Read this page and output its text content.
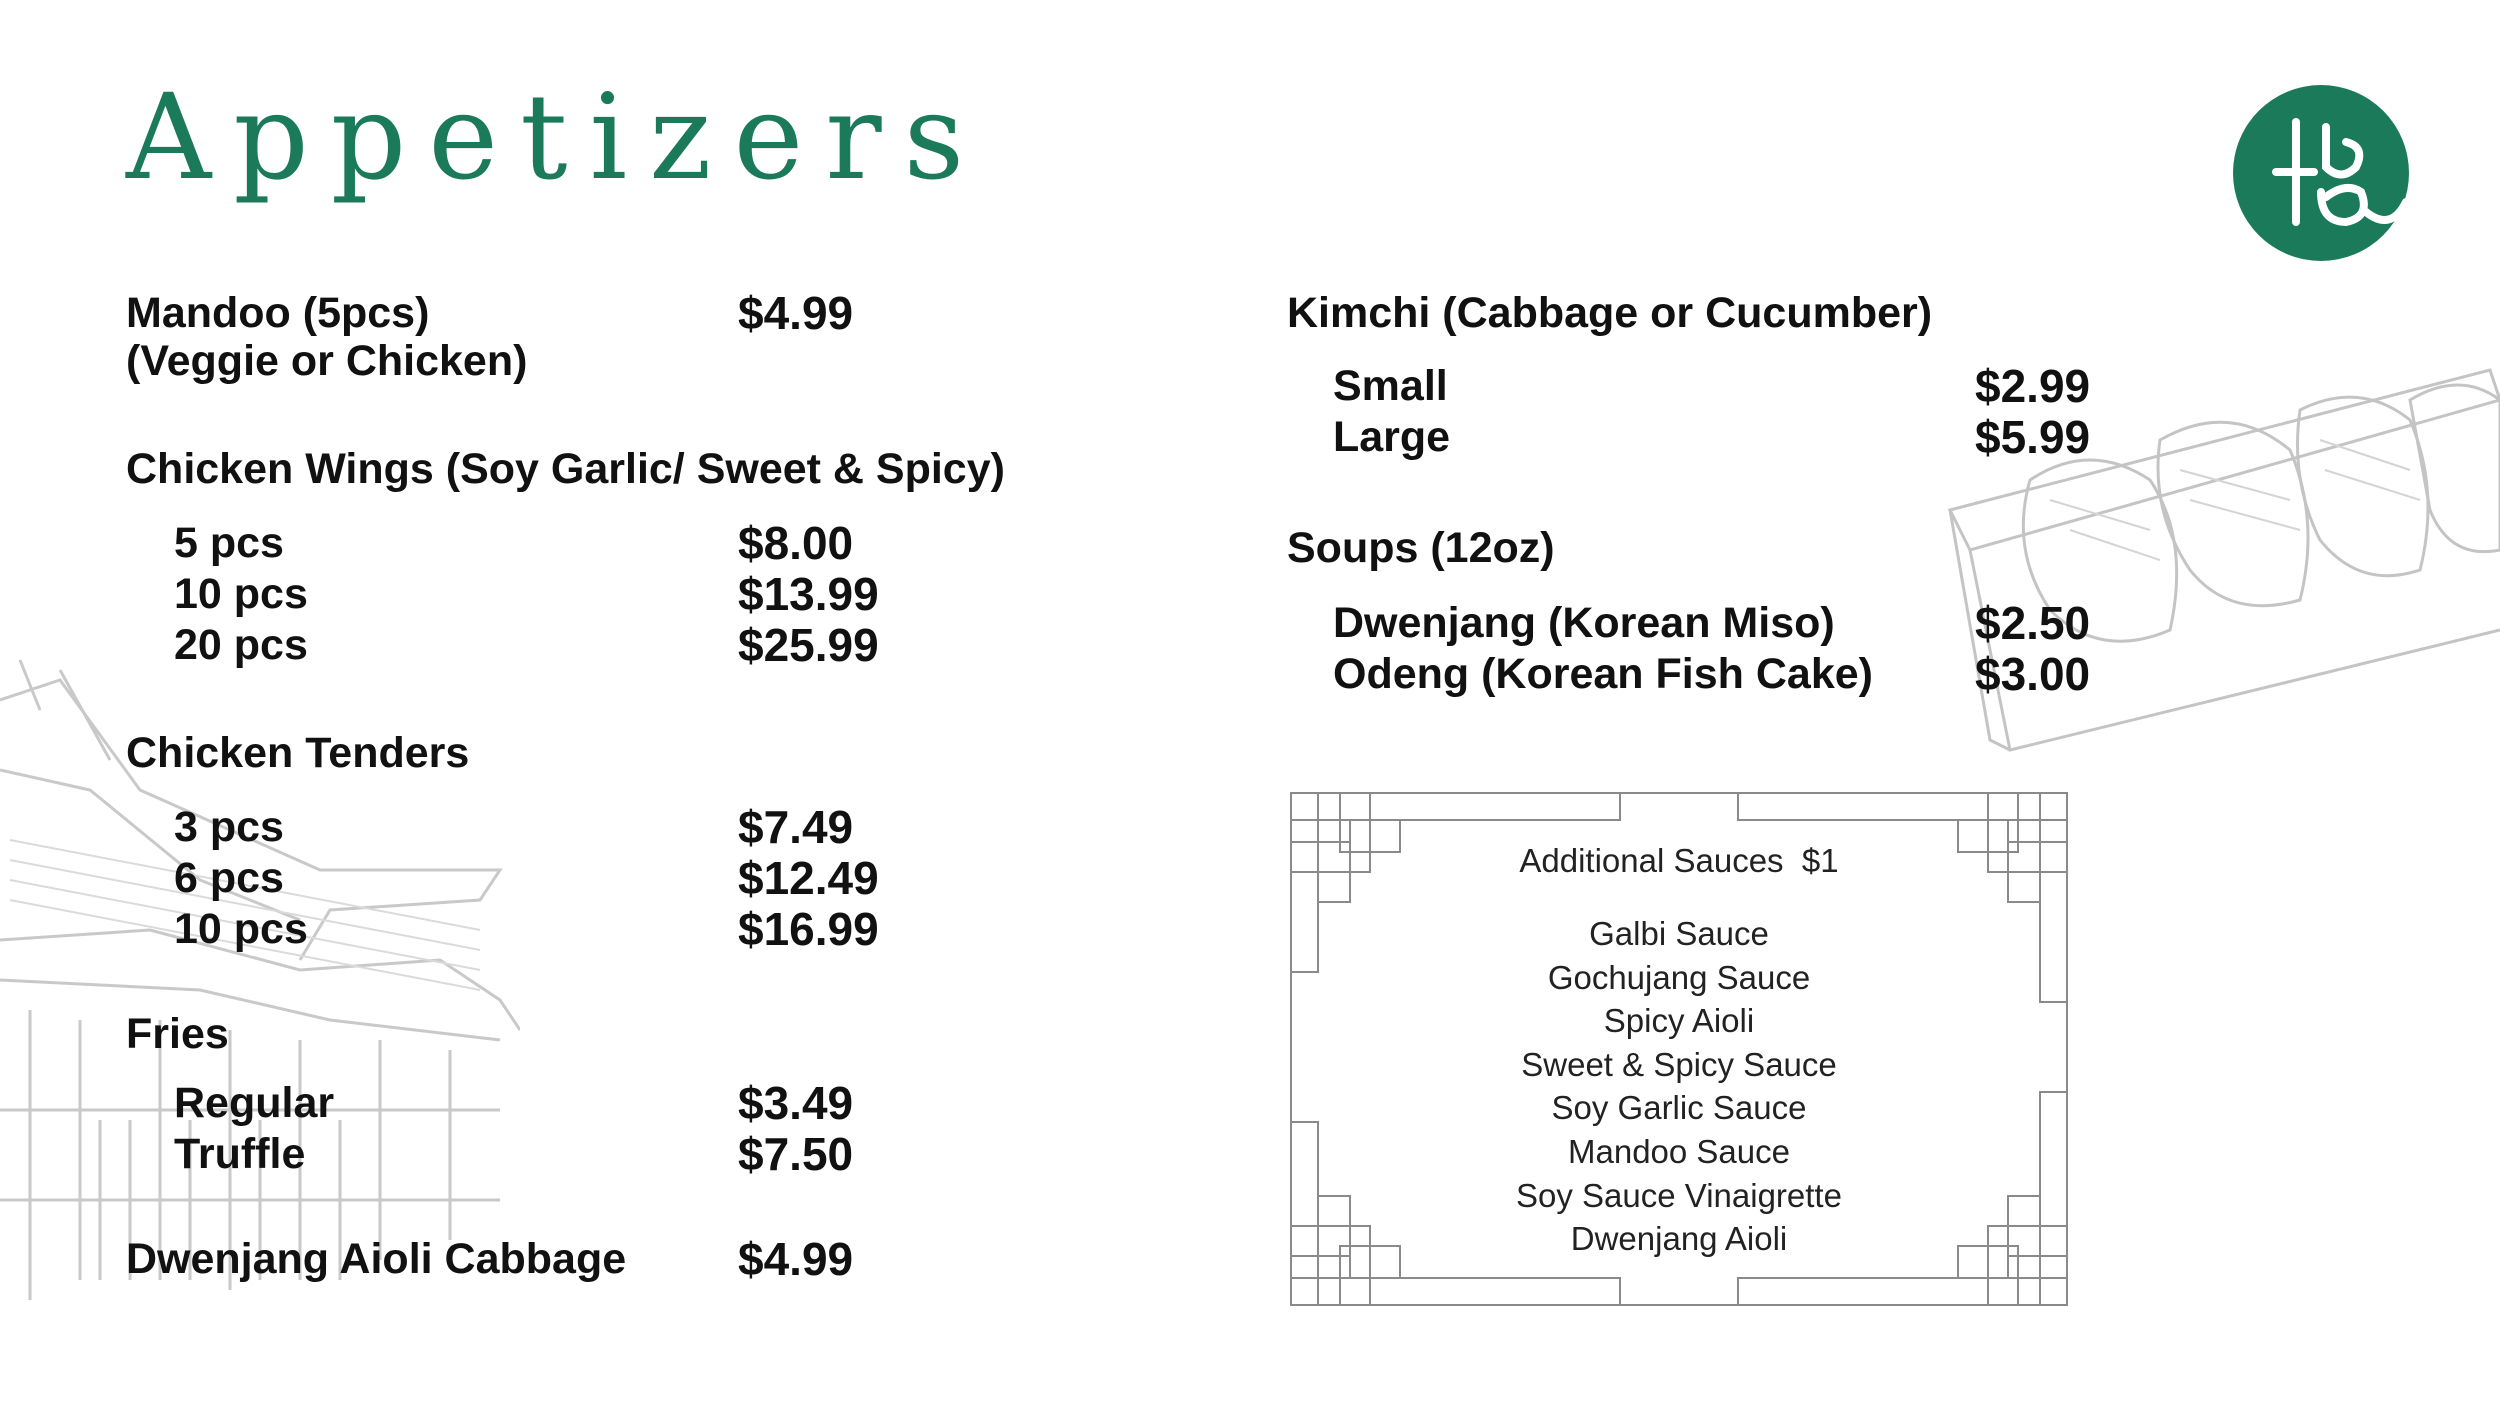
Appetizers
Mandoo (5pcs)
(Veggie or Chicken)
$4.99
Chicken Wings (Soy Garlic/ Sweet & Spicy)
5 pcs	$8.00
10 pcs	$13.99
20 pcs	$25.99
Chicken Tenders
3 pcs	$7.49
6 pcs	$12.49
10 pcs	$16.99
Fries
Regular	$3.49
Truffle	$7.50
Dwenjang Aioli Cabbage $4.99
Kimchi (Cabbage or Cucumber)
Small	$2.99
Large	$5.99
Soups (12oz)
Dwenjang (Korean Miso)	$2.50
Odeng (Korean Fish Cake) $3.00
Additional Sauces  $1
Galbi Sauce
Gochujang Sauce
Spicy Aioli
Sweet & Spicy Sauce
Soy Garlic Sauce
Mandoo Sauce
Soy Sauce Vinaigrette
Dwenjang Aioli
